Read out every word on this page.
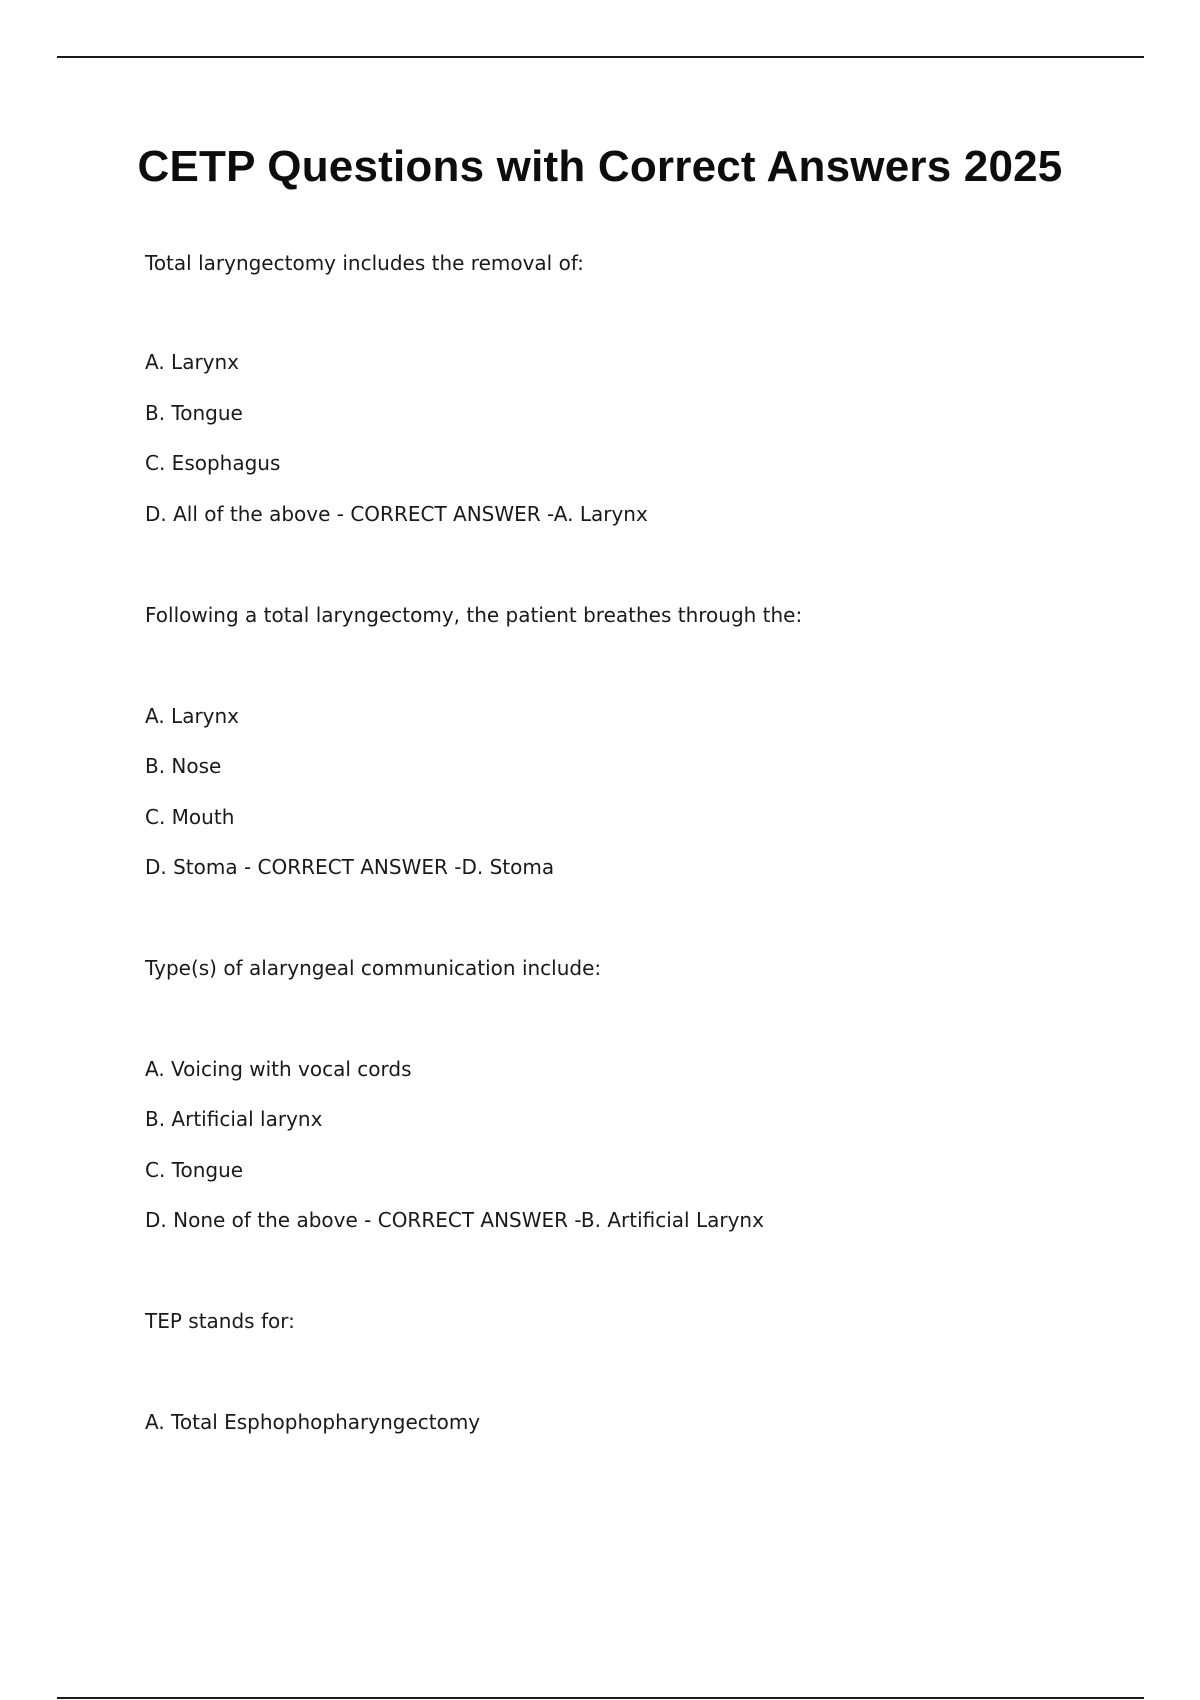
CETP Questions with Correct Answers 2025
Total laryngectomy includes the removal of:
A. Larynx
B. Tongue
C. Esophagus
D. All of the above - CORRECT ANSWER -A. Larynx
Following a total laryngectomy, the patient breathes through the:
A. Larynx
B. Nose
C. Mouth
D. Stoma - CORRECT ANSWER -D. Stoma
Type(s) of alaryngeal communication include:
A. Voicing with vocal cords
B. Artificial larynx
C. Tongue
D. None of the above - CORRECT ANSWER -B. Artificial Larynx
TEP stands for:
A. Total Esphophopharyngectomy
